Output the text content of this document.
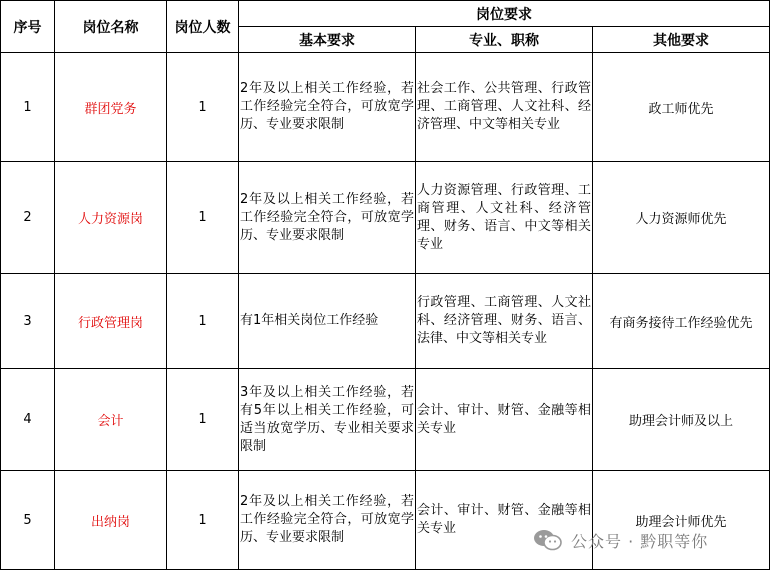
序号	岗位名称	岗位人数	岗位要求		
			基本要求	专业、职称	其他要求
1	群团党务	1	2年及以上相关工作经验，若工作经验完全符合，可放宽学历、专业要求限制	社会工作、公共管理、行政管理、工商管理、人文社科、经济管理、中文等相关专业	政工师优先
2	人力资源岗	1	2年及以上相关工作经验，若工作经验完全符合，可放宽学历、专业要求限制	人力资源管理、行政管理、工商管理、人文社科、经济管理、财务、语言、中文等相关专业	人力资源师优先
3	行政管理岗	1	有1年相关岗位工作经验	行政管理、工商管理、人文社科、经济管理、财务、语言、法律、中文等相关专业	有商务接待工作经验优先
4	会计	1	3年及以上相关工作经验，若有5年以上相关工作经验，可适当放宽学历、专业相关要求限制	会计、审计、财管、金融等相关专业	助理会计师及以上
5	出纳岗	1	2年及以上相关工作经验，若工作经验完全符合，可放宽学历、专业要求限制	会计、审计、财管、金融等相关专业	助理会计师优先
公众号 · 黔职等你
